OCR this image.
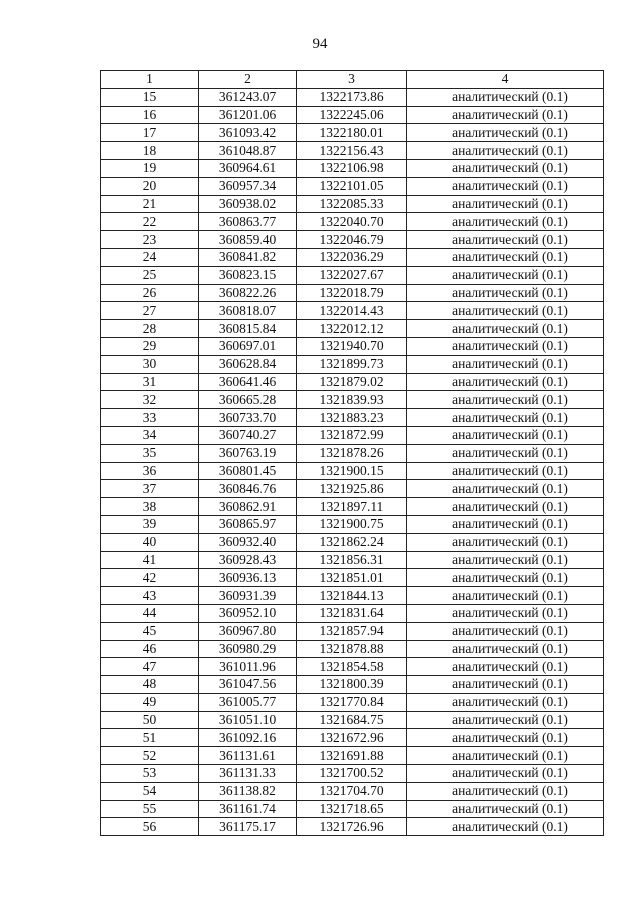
94
1	2	3	4
15	361243.07	1322173.86	аналитический (0.1)
16	361201.06	1322245.06	аналитический (0.1)
17	361093.42	1322180.01	аналитический (0.1)
18	361048.87	1322156.43	аналитический (0.1)
19	360964.61	1322106.98	аналитический (0.1)
20	360957.34	1322101.05	аналитический (0.1)
21	360938.02	1322085.33	аналитический (0.1)
22	360863.77	1322040.70	аналитический (0.1)
23	360859.40	1322046.79	аналитический (0.1)
24	360841.82	1322036.29	аналитический (0.1)
25	360823.15	1322027.67	аналитический (0.1)
26	360822.26	1322018.79	аналитический (0.1)
27	360818.07	1322014.43	аналитический (0.1)
28	360815.84	1322012.12	аналитический (0.1)
29	360697.01	1321940.70	аналитический (0.1)
30	360628.84	1321899.73	аналитический (0.1)
31	360641.46	1321879.02	аналитический (0.1)
32	360665.28	1321839.93	аналитический (0.1)
33	360733.70	1321883.23	аналитический (0.1)
34	360740.27	1321872.99	аналитический (0.1)
35	360763.19	1321878.26	аналитический (0.1)
36	360801.45	1321900.15	аналитический (0.1)
37	360846.76	1321925.86	аналитический (0.1)
38	360862.91	1321897.11	аналитический (0.1)
39	360865.97	1321900.75	аналитический (0.1)
40	360932.40	1321862.24	аналитический (0.1)
41	360928.43	1321856.31	аналитический (0.1)
42	360936.13	1321851.01	аналитический (0.1)
43	360931.39	1321844.13	аналитический (0.1)
44	360952.10	1321831.64	аналитический (0.1)
45	360967.80	1321857.94	аналитический (0.1)
46	360980.29	1321878.88	аналитический (0.1)
47	361011.96	1321854.58	аналитический (0.1)
48	361047.56	1321800.39	аналитический (0.1)
49	361005.77	1321770.84	аналитический (0.1)
50	361051.10	1321684.75	аналитический (0.1)
51	361092.16	1321672.96	аналитический (0.1)
52	361131.61	1321691.88	аналитический (0.1)
53	361131.33	1321700.52	аналитический (0.1)
54	361138.82	1321704.70	аналитический (0.1)
55	361161.74	1321718.65	аналитический (0.1)
56	361175.17	1321726.96	аналитический (0.1)
